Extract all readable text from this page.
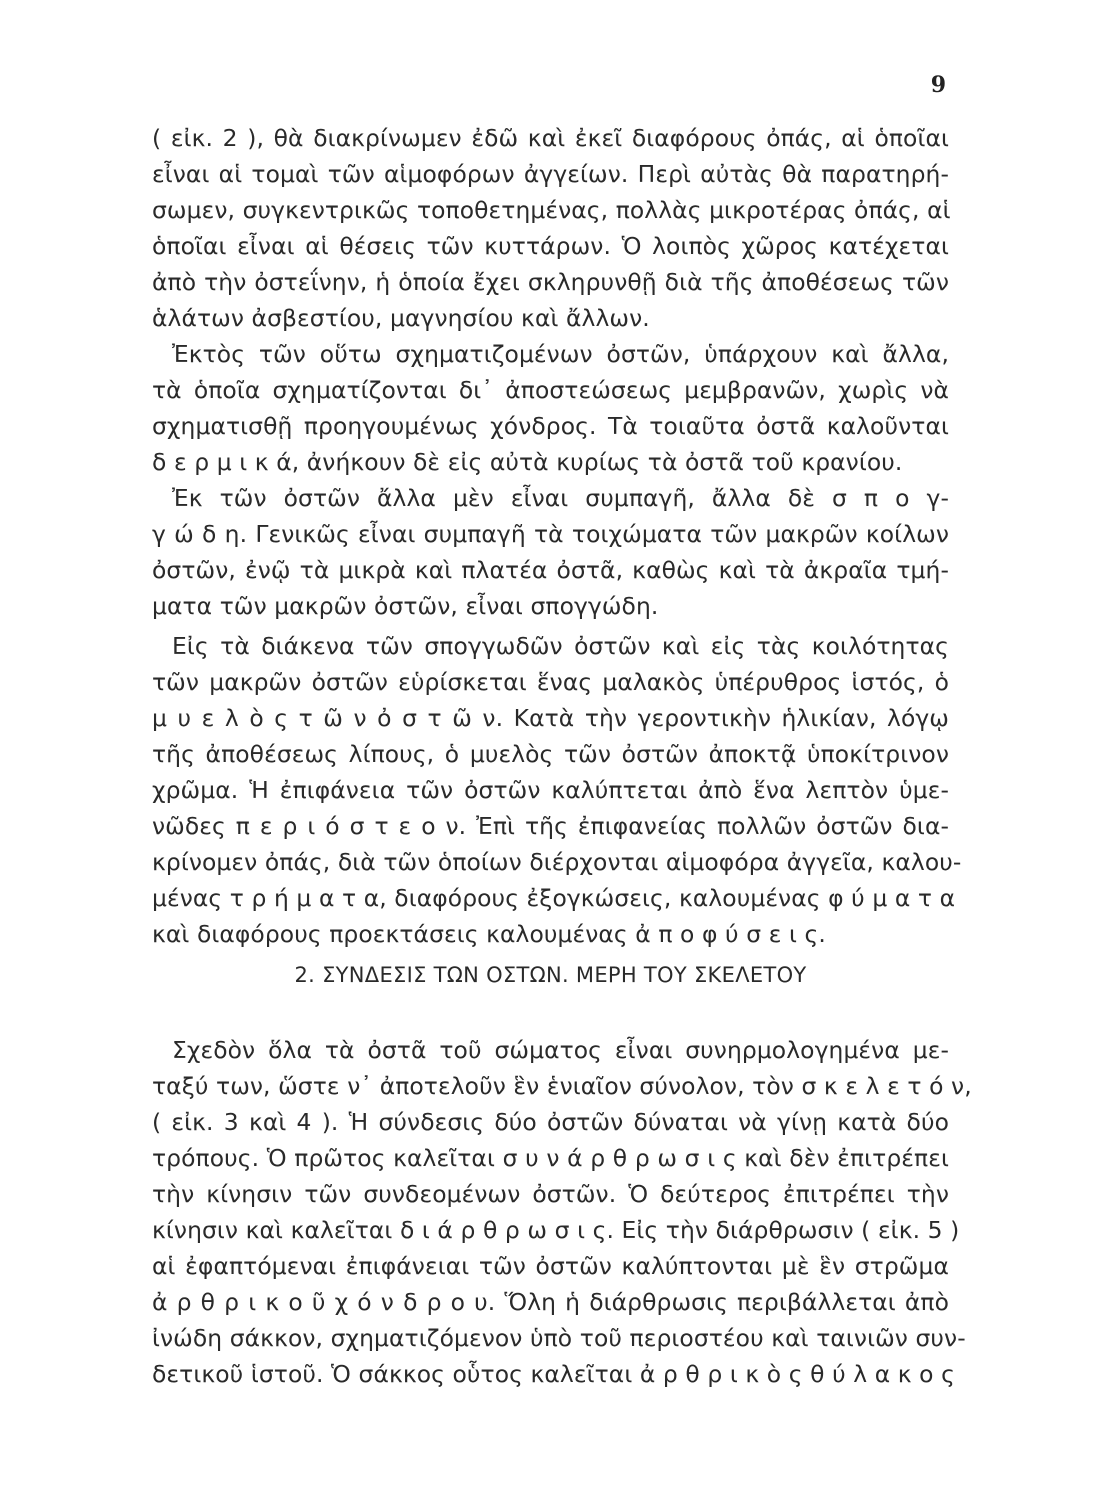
9
( εἰκ. 2 ), θὰ διακρίνωμεν ἐδῶ καὶ ἐκεῖ διαφόρους ὀπάς, αἱ ὁποῖαι
εἶναι αἱ τομαὶ τῶν αἱμοφόρων ἀγγείων. Περὶ αὐτὰς θὰ παρατηρή-
σωμεν, συγκεντρικῶς τοποθετημένας, πολλὰς μικροτέρας ὀπάς, αἱ
ὁποῖαι εἶναι αἱ θέσεις τῶν κυττάρων. Ὁ λοιπὸς χῶρος κατέχεται
ἀπὸ τὴν ὀστεΐνην, ἡ ὁποία ἔχει σκληρυνθῇ διὰ τῆς ἀποθέσεως τῶν
ἁλάτων ἀσβεστίου, μαγνησίου καὶ ἄλλων.
Ἐκτὸς τῶν οὕτω σχηματιζομένων ὀστῶν, ὑπάρχουν καὶ ἄλλα,
τὰ ὁποῖα σχηματίζονται δι᾽ ἀποστεώσεως μεμβρανῶν, χωρὶς νὰ
σχηματισθῇ προηγουμένως χόνδρος. Τὰ τοιαῦτα ὀστᾶ καλοῦνται
δ ε ρ μ ι κ ά, ἀνήκουν δὲ εἰς αὐτὰ κυρίως τὰ ὀστᾶ τοῦ κρανίου.
Ἐκ τῶν ὀστῶν ἄλλα μὲν εἶναι συμπαγῆ, ἄλλα δὲ σ π ο γ-
γ ώ δ η. Γενικῶς εἶναι συμπαγῆ τὰ τοιχώματα τῶν μακρῶν κοίλων
ὀστῶν, ἐνῷ τὰ μικρὰ καὶ πλατέα ὀστᾶ, καθὼς καὶ τὰ ἀκραῖα τμή-
ματα τῶν μακρῶν ὀστῶν, εἶναι σπογγώδη.
Εἰς τὰ διάκενα τῶν σπογγωδῶν ὀστῶν καὶ εἰς τὰς κοιλότητας
τῶν μακρῶν ὀστῶν εὑρίσκεται ἕνας μαλακὸς ὑπέρυθρος ἱστός, ὁ
μ υ ε λ ὸ ς τ ῶ ν ὀ σ τ ῶ ν. Κατὰ τὴν γεροντικὴν ἡλικίαν, λόγῳ
τῆς ἀποθέσεως λίπους, ὁ μυελὸς τῶν ὀστῶν ἀποκτᾷ ὑποκίτρινον
χρῶμα. Ἡ ἐπιφάνεια τῶν ὀστῶν καλύπτεται ἀπὸ ἕνα λεπτὸν ὑμε-
νῶδες π ε ρ ι ό σ τ ε ο ν. Ἐπὶ τῆς ἐπιφανείας πολλῶν ὀστῶν δια-
κρίνομεν ὀπάς, διὰ τῶν ὁποίων διέρχονται αἱμοφόρα ἀγγεῖα, καλου-
μένας τ ρ ή μ α τ α, διαφόρους ἐξογκώσεις, καλουμένας φ ύ μ α τ α
καὶ διαφόρους προεκτάσεις καλουμένας ἀ π ο φ ύ σ ε ι ς.
2. ΣΥΝΔΕΣΙΣ ΤΩΝ ΟΣΤΩΝ. ΜΕΡΗ ΤΟΥ ΣΚΕΛΕΤΟΥ
Σχεδὸν ὅλα τὰ ὀστᾶ τοῦ σώματος εἶναι συνηρμολογημένα με-
ταξύ των, ὥστε ν᾽ ἀποτελοῦν ἓν ἑνιαῖον σύνολον, τὸν σ κ ε λ ε τ ό ν,
( εἰκ. 3 καὶ 4 ). Ἡ σύνδεσις δύο ὀστῶν δύναται νὰ γίνῃ κατὰ δύο
τρόπους. Ὁ πρῶτος καλεῖται σ υ ν ά ρ θ ρ ω σ ι ς καὶ δὲν ἐπιτρέπει
τὴν κίνησιν τῶν συνδεομένων ὀστῶν. Ὁ δεύτερος ἐπιτρέπει τὴν
κίνησιν καὶ καλεῖται δ ι ά ρ θ ρ ω σ ι ς. Εἰς τὴν διάρθρωσιν ( εἰκ. 5 )
αἱ ἐφαπτόμεναι ἐπιφάνειαι τῶν ὀστῶν καλύπτονται μὲ ἓν στρῶμα
ἀ ρ θ ρ ι κ ο ῦ χ ό ν δ ρ ο υ. Ὅλη ἡ διάρθρωσις περιβάλλεται ἀπὸ
ἰνώδη σάκκον, σχηματιζόμενον ὑπὸ τοῦ περιοστέου καὶ ταινιῶν συν-
δετικοῦ ἱστοῦ. Ὁ σάκκος οὗτος καλεῖται ἀ ρ θ ρ ι κ ὸ ς θ ύ λ α κ ο ς
